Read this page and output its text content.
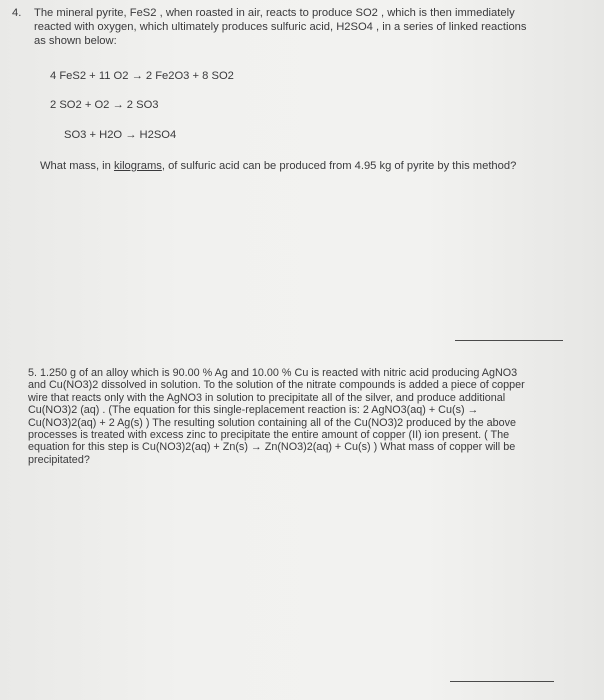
4. The mineral pyrite, FeS2 , when roasted in air, reacts to produce SO2 , which is then immediately
reacted with oxygen, which ultimately produces sulfuric acid, H2SO4 , in a series of linked reactions
as shown below:
4 FeS2 + 11 O2 → 2 Fe2O3 + 8 SO2
2 SO2 + O2 → 2 SO3
SO3 + H2O → H2SO4
What mass, in kilograms, of sulfuric acid can be produced from 4.95 kg of pyrite by this method?
5. 1.250 g of an alloy which is 90.00 % Ag and 10.00 % Cu is reacted with nitric acid producing AgNO3
and Cu(NO3)2 dissolved in solution. To the solution of the nitrate compounds is added a piece of copper
wire that reacts only with the AgNO3 in solution to precipitate all of the silver, and produce additional
Cu(NO3)2 (aq) . (The equation for this single-replacement reaction is: 2 AgNO3(aq) + Cu(s) →
Cu(NO3)2(aq) + 2 Ag(s) ) The resulting solution containing all of the Cu(NO3)2 produced by the above
processes is treated with excess zinc to precipitate the entire amount of copper (II) ion present. ( The
equation for this step is Cu(NO3)2(aq) + Zn(s) → Zn(NO3)2(aq) + Cu(s) ) What mass of copper will be
precipitated?
